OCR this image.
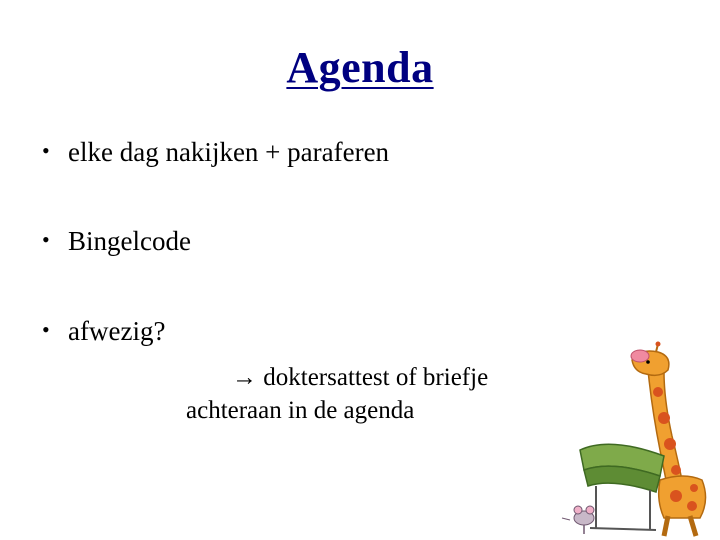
Agenda
• elke dag nakijken + paraferen
• Bingelcode
• afwezig?
→ doktersattest of briefje
achteraan in de agenda
